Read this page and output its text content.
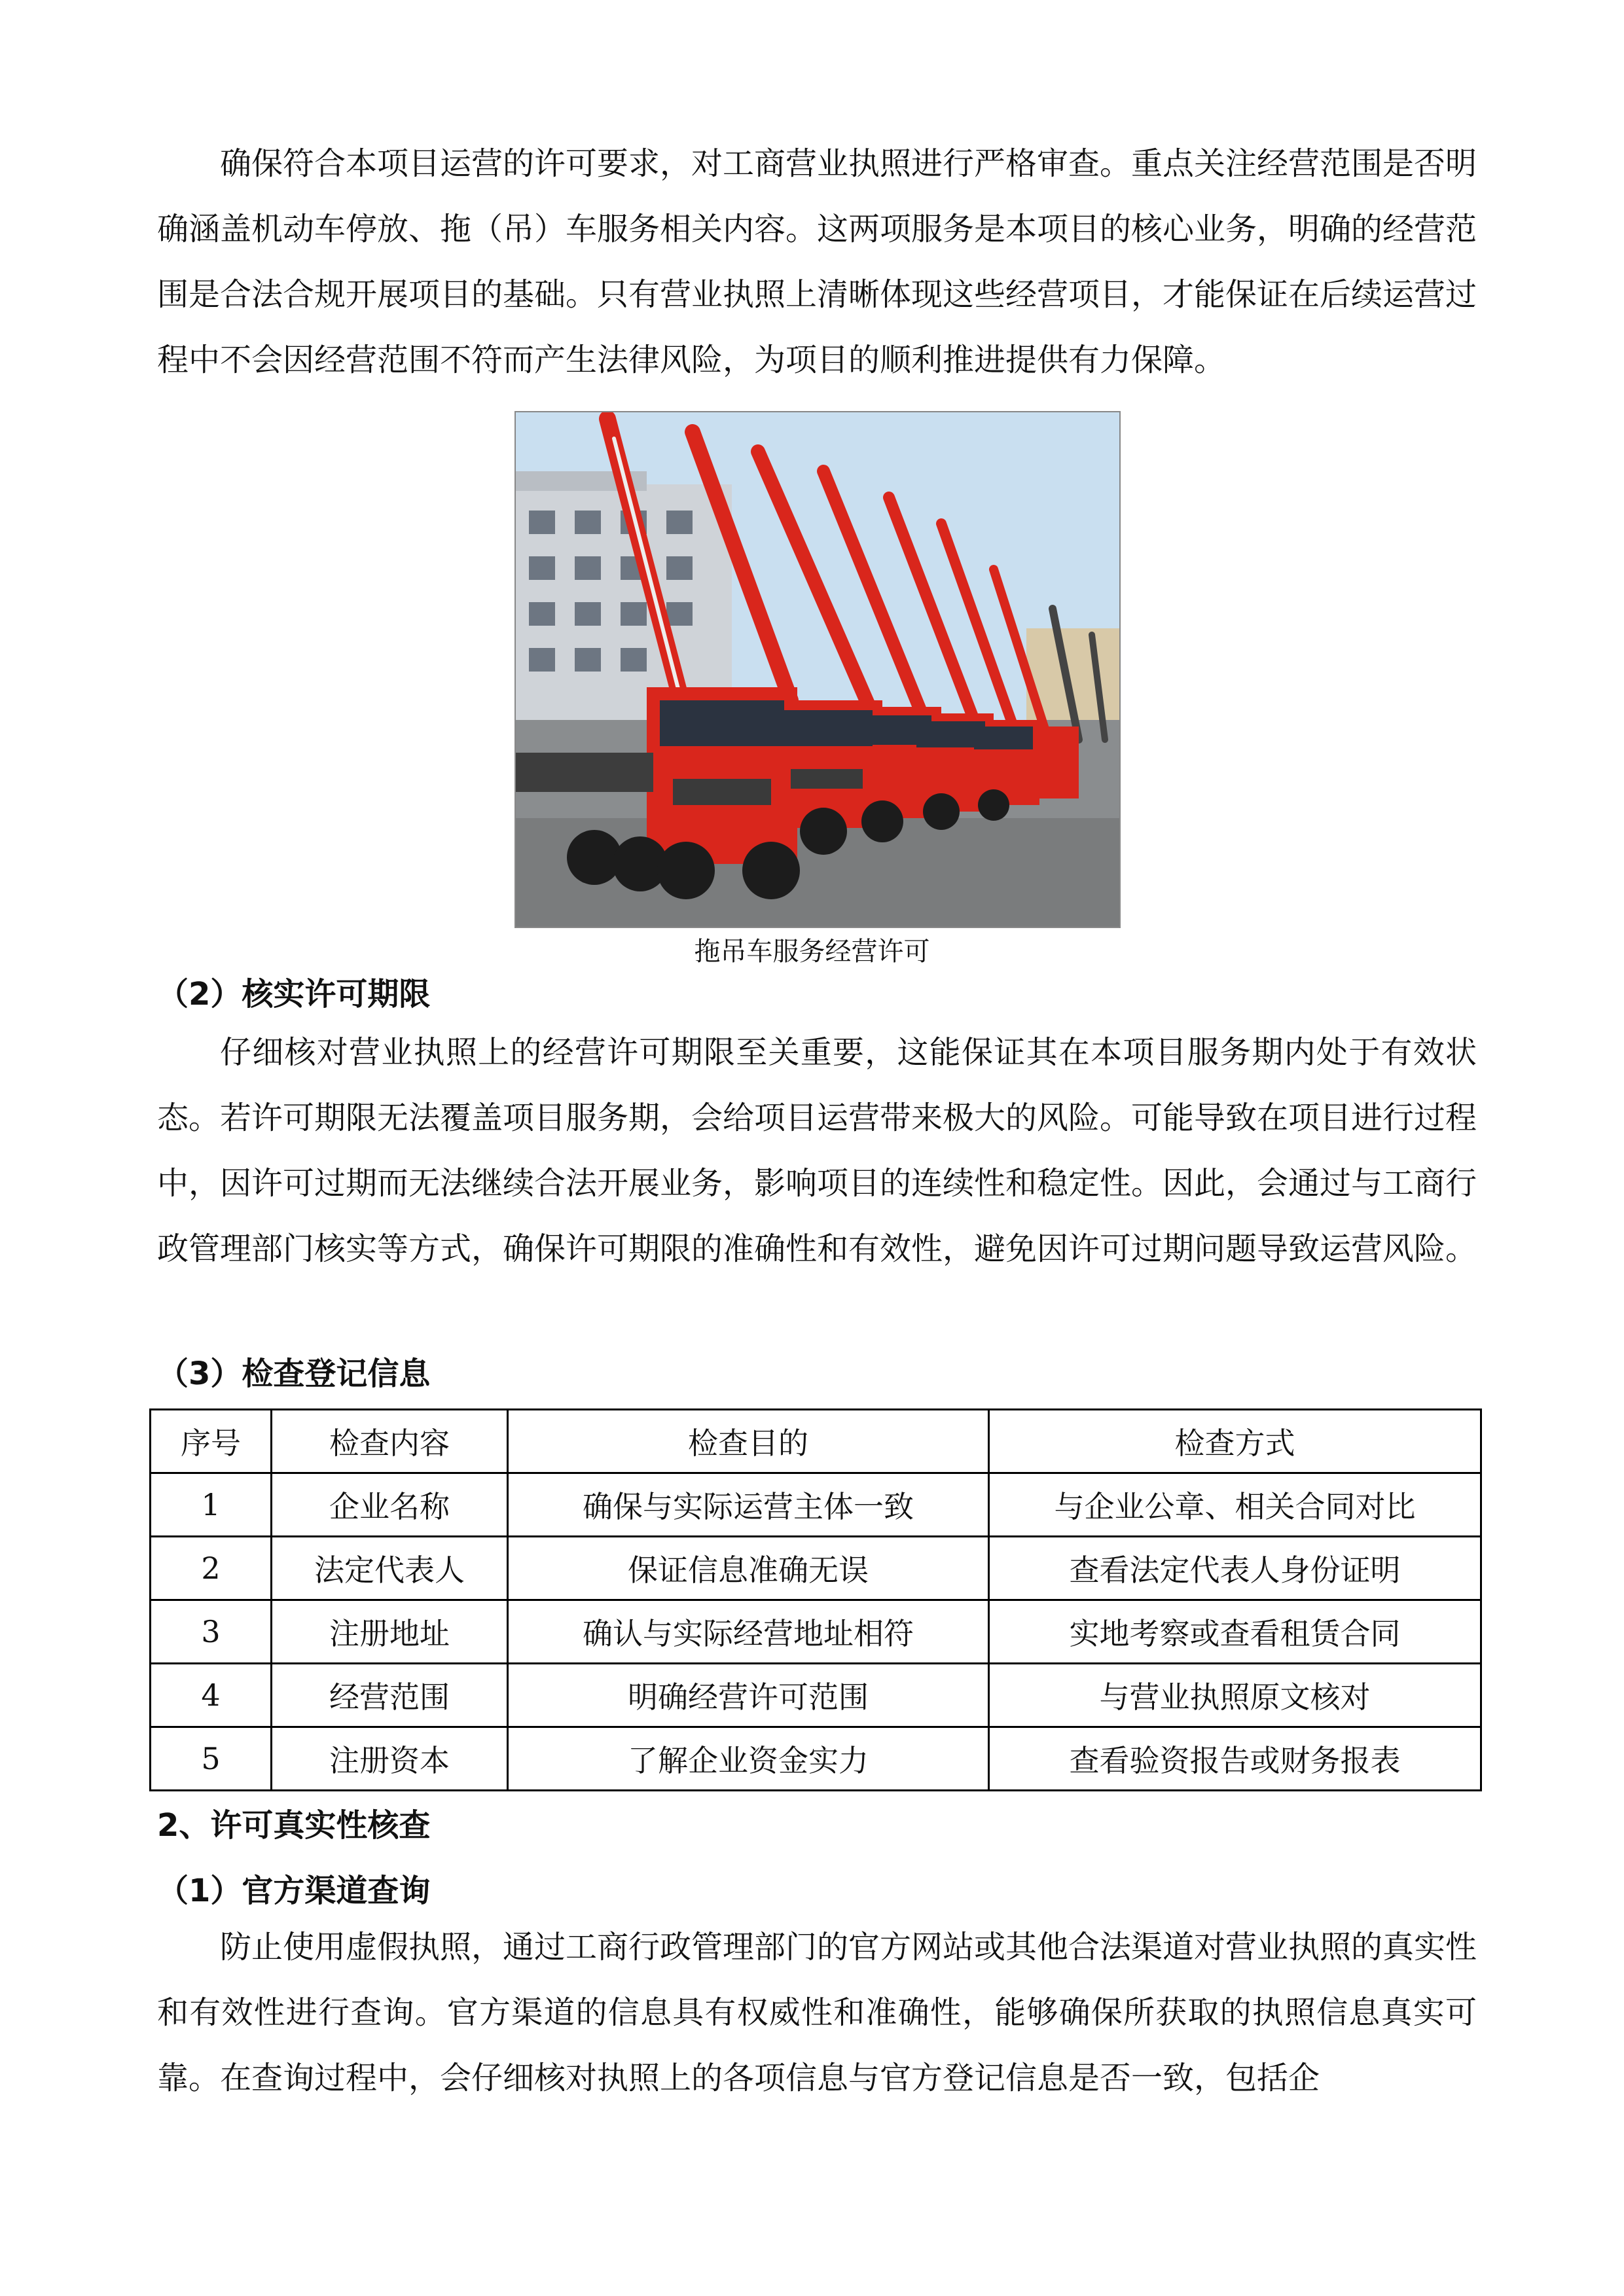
确保符合本项目运营的许可要求，对工商营业执照进行严格审查。重点关注经营范围是否明确涵盖机动车停放、拖（吊）车服务相关内容。这两项服务是本项目的核心业务，明确的经营范围是合法合规开展项目的基础。只有营业执照上清晰体现这些经营项目，才能保证在后续运营过程中不会因经营范围不符而产生法律风险，为项目的顺利推进提供有力保障。

拖吊车服务经营许可

（2）核实许可期限

仔细核对营业执照上的经营许可期限至关重要，这能保证其在本项目服务期内处于有效状态。若许可期限无法覆盖项目服务期，会给项目运营带来极大的风险。可能导致在项目进行过程中，因许可过期而无法继续合法开展业务，影响项目的连续性和稳定性。因此，会通过与工商行政管理部门核实等方式，确保许可期限的准确性和有效性，避免因许可过期问题导致运营风险。

（3）检查登记信息

序号	检查内容	检查目的	检查方式
1	企业名称	确保与实际运营主体一致	与企业公章、相关合同对比
2	法定代表人	保证信息准确无误	查看法定代表人身份证明
3	注册地址	确认与实际经营地址相符	实地考察或查看租赁合同
4	经营范围	明确经营许可范围	与营业执照原文核对
5	注册资本	了解企业资金实力	查看验资报告或财务报表

2、许可真实性核查

（1）官方渠道查询

防止使用虚假执照，通过工商行政管理部门的官方网站或其他合法渠道对营业执照的真实性和有效性进行查询。官方渠道的信息具有权威性和准确性，能够确保所获取的执照信息真实可靠。在查询过程中，会仔细核对执照上的各项信息与官方登记信息是否一致，包括企
